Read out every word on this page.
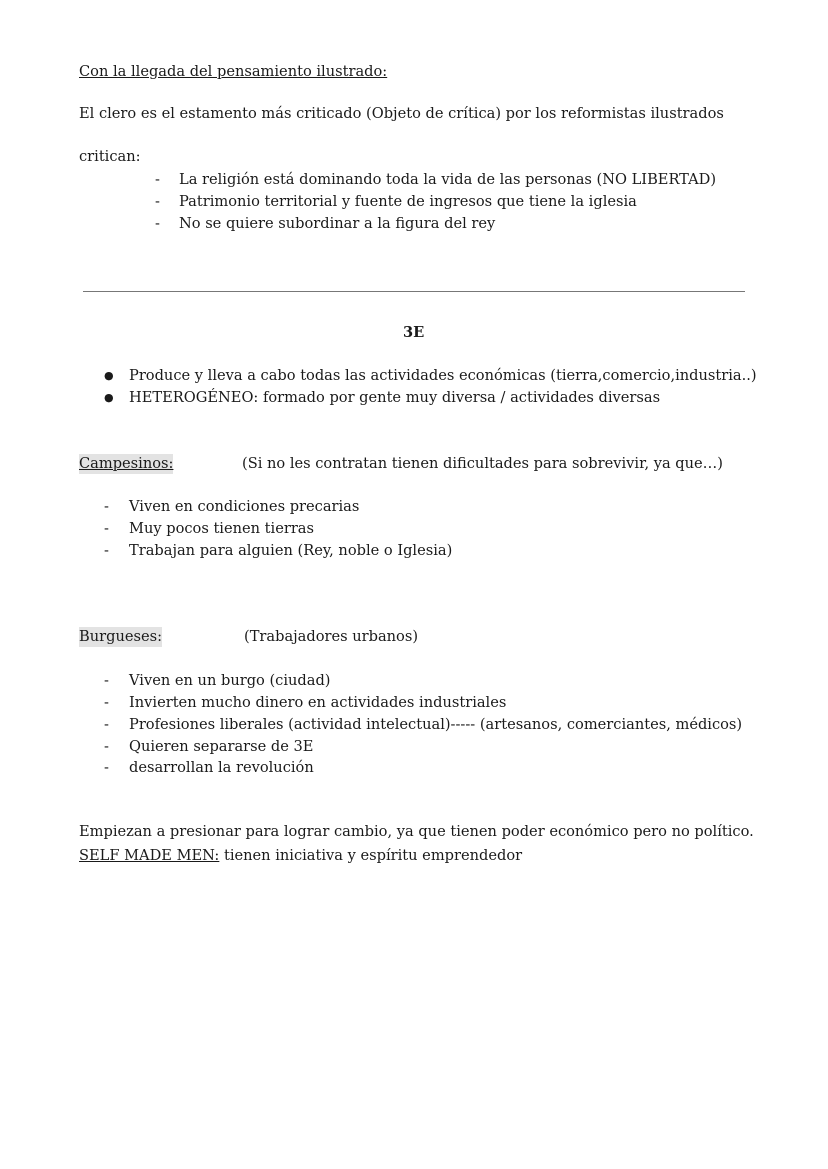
Con la llegada del pensamiento ilustrado:
El clero es el estamento más criticado (Objeto de crítica) por los reformistas ilustrados
critican:
- La religión está dominando toda la vida de las personas (NO LIBERTAD)
- Patrimonio territorial y fuente de ingresos que tiene la iglesia
- No se quiere subordinar a la figura del rey
3E
● Produce y lleva a cabo todas las actividades económicas (tierra,comercio,industria..)
● HETEROGÉNEO: formado por gente muy diversa / actividades diversas
Campesinos:	(Si no les contratan tienen dificultades para sobrevivir, ya que…)
- Viven en condiciones precarias
- Muy pocos tienen tierras
- Trabajan para alguien (Rey, noble o Iglesia)
Burgueses:	(Trabajadores urbanos)
- Viven en un burgo (ciudad)
- Invierten mucho dinero en actividades industriales
- Profesiones liberales (actividad intelectual)----- (artesanos, comerciantes, médicos)
- Quieren separarse de 3E
- desarrollan la revolución
Empiezan a presionar para lograr cambio, ya que tienen poder económico pero no político.
SELF MADE MEN: tienen iniciativa y espíritu emprendedor
